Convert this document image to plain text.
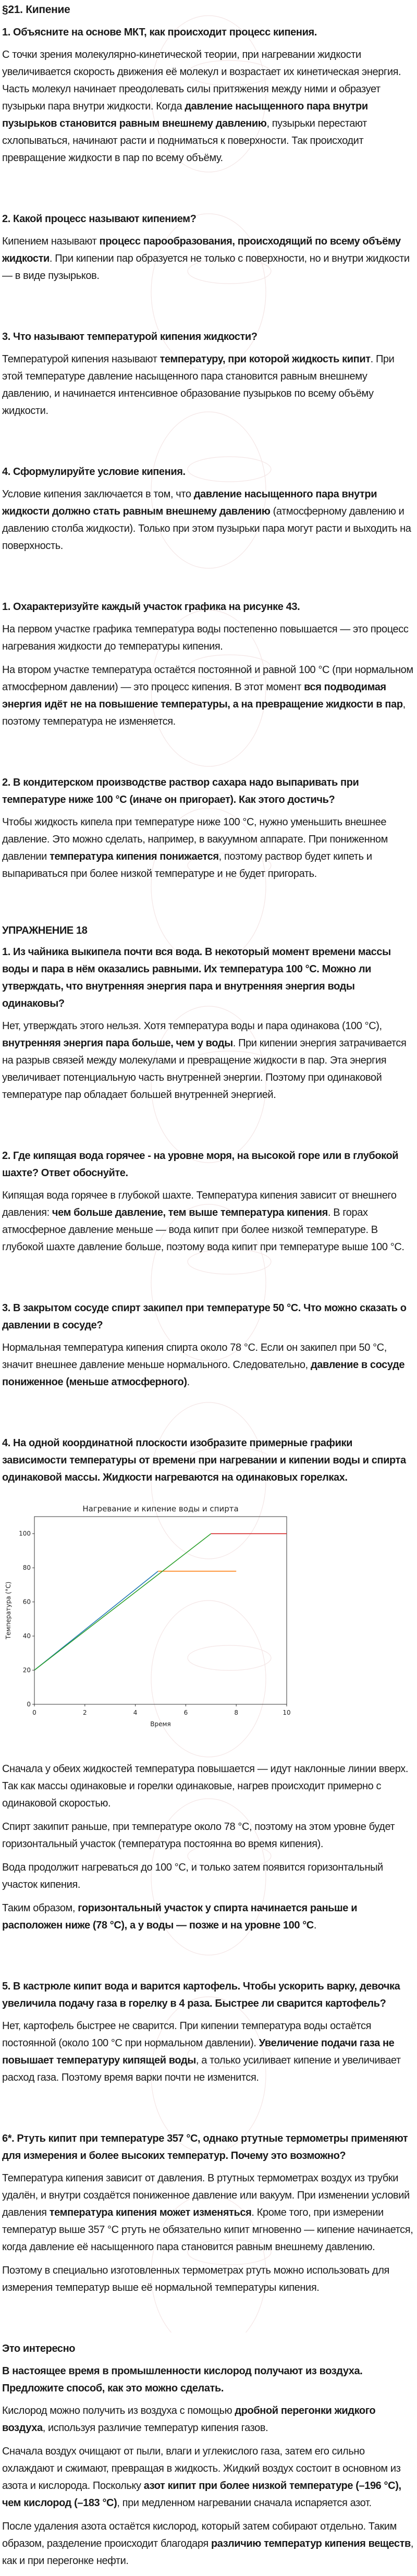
§21. Кипение
1. Объясните на основе МКТ, как происходит процесс кипения.

С точки зрения молекулярно-кинетической теории, при нагревании жидкости увеличивается скорость движения её молекул и возрастает их кинетическая энергия. Часть молекул начинает преодолевать силы притяжения между ними и образует пузырьки пара внутри жидкости. Когда давление насыщенного пара внутри пузырьков становится равным внешнему давлению, пузырьки перестают схлопываться, начинают расти и подниматься к поверхности. Так происходит превращение жидкости в пар по всему объёму.

2. Какой процесс называют кипением?

Кипением называют процесс парообразования, происходящий по всему объёму жидкости. При кипении пар образуется не только с поверхности, но и внутри жидкости — в виде пузырьков.

3. Что называют температурой кипения жидкости?

Температурой кипения называют температуру, при которой жидкость кипит. При этой температуре давление насыщенного пара становится равным внешнему давлению, и начинается интенсивное образование пузырьков по всему объёму жидкости.

4. Сформулируйте условие кипения.

Условие кипения заключается в том, что давление насыщенного пара внутри жидкости должно стать равным внешнему давлению (атмосферному давлению и давлению столба жидкости). Только при этом пузырьки пара могут расти и выходить на поверхность.

1. Охарактеризуйте каждый участок графика на рисунке 43.

На первом участке графика температура воды постепенно повышается — это процесс нагревания жидкости до температуры кипения.

На втором участке температура остаётся постоянной и равной 100 °С (при нормальном атмосферном давлении) — это процесс кипения. В этот момент вся подводимая энергия идёт не на повышение температуры, а на превращение жидкости в пар, поэтому температура не изменяется.

2. В кондитерском производстве раствор сахара надо выпаривать при температуре ниже 100 °С (иначе он пригорает). Как этого достичь?

Чтобы жидкость кипела при температуре ниже 100 °С, нужно уменьшить внешнее давление. Это можно сделать, например, в вакуумном аппарате. При пониженном давлении температура кипения понижается, поэтому раствор будет кипеть и выпариваться при более низкой температуре и не будет пригорать.

УПРАЖНЕНИЕ 18
1. Из чайника выкипела почти вся вода. В некоторый момент времени массы воды и пара в нём оказались равными. Их температура 100 °С. Можно ли утверждать, что внутренняя энергия пара и внутренняя энергия воды одинаковы?

Нет, утверждать этого нельзя. Хотя температура воды и пара одинакова (100 °С), внутренняя энергия пара больше, чем у воды. При кипении энергия затрачивается на разрыв связей между молекулами и превращение жидкости в пар. Эта энергия увеличивает потенциальную часть внутренней энергии. Поэтому при одинаковой температуре пар обладает большей внутренней энергией.

2. Где кипящая вода горячее - на уровне моря, на высокой горе или в глубокой шахте? Ответ обоснуйте.

Кипящая вода горячее в глубокой шахте. Температура кипения зависит от внешнего давления: чем больше давление, тем выше температура кипения. В горах атмосферное давление меньше — вода кипит при более низкой температуре. В глубокой шахте давление больше, поэтому вода кипит при температуре выше 100 °С.

3. В закрытом сосуде спирт закипел при температуре 50 °С. Что можно сказать о давлении в сосуде?

Нормальная температура кипения спирта около 78 °С. Если он закипел при 50 °С, значит внешнее давление меньше нормального. Следовательно, давление в сосуде пониженное (меньше атмосферного).

4. На одной координатной плоскости изобразите примерные графики зависимости температуры от времени при нагревании и кипении воды и спирта одинаковой массы. Жидкости нагреваются на одинаковых горелках.
Нагревание и кипение воды и спирта
0	2	4	6	8	10
0
20
40
60
80
100
Время
Температура (°C)

Сначала у обеих жидкостей температура повышается — идут наклонные линии вверх. Так как массы одинаковые и горелки одинаковые, нагрев происходит примерно с одинаковой скоростью.

Спирт закипит раньше, при температуре около 78 °С, поэтому на этом уровне будет горизонтальный участок (температура постоянна во время кипения).

Вода продолжит нагреваться до 100 °С, и только затем появится горизонтальный участок кипения.

Таким образом, горизонтальный участок у спирта начинается раньше и расположен ниже (78 °С), а у воды — позже и на уровне 100 °С.

5. В кастрюле кипит вода и варится картофель. Чтобы ускорить варку, девочка увеличила подачу газа в горелку в 4 раза. Быстрее ли сварится картофель?

Нет, картофель быстрее не сварится. При кипении температура воды остаётся постоянной (около 100 °С при нормальном давлении). Увеличение подачи газа не повышает температуру кипящей воды, а только усиливает кипение и увеличивает расход газа. Поэтому время варки почти не изменится.

6*. Ртуть кипит при температуре 357 °С, однако ртутные термометры применяют для измерения и более высоких температур. Почему это возможно?

Температура кипения зависит от давления. В ртутных термометрах воздух из трубки удалён, и внутри создаётся пониженное давление или вакуум. При изменении условий давления температура кипения может изменяться. Кроме того, при измерении температур выше 357 °С ртуть не обязательно кипит мгновенно — кипение начинается, когда давление её насыщенного пара становится равным внешнему давлению.

Поэтому в специально изготовленных термометрах ртуть можно использовать для измерения температур выше её нормальной температуры кипения.

Это интересно
В настоящее время в промышленности кислород получают из воздуха. Предложите способ, как это можно сделать.

Кислород можно получить из воздуха с помощью дробной перегонки жидкого воздуха, используя различие температур кипения газов.

Сначала воздух очищают от пыли, влаги и углекислого газа, затем его сильно охлаждают и сжимают, превращая в жидкость. Жидкий воздух состоит в основном из азота и кислорода. Поскольку азот кипит при более низкой температуре (–196 °С), чем кислород (–183 °С), при медленном нагревании сначала испаряется азот.

После удаления азота остаётся кислород, который затем собирают отдельно. Таким образом, разделение происходит благодаря различию температур кипения веществ, как и при перегонке нефти.
